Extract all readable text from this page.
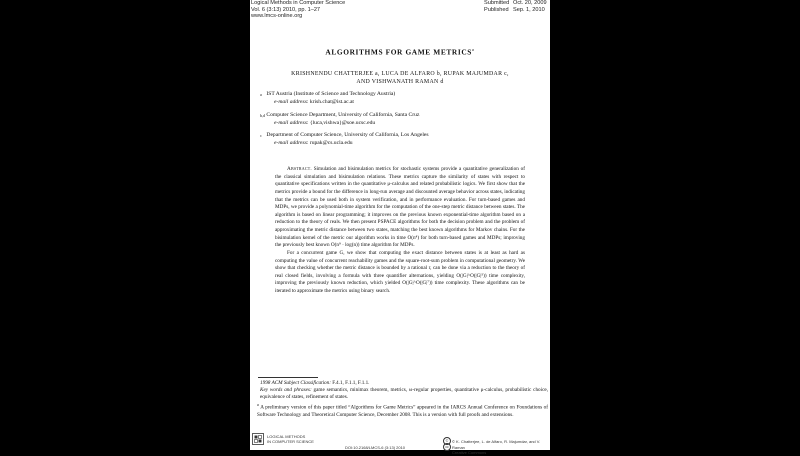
Logical Methods in Computer Science
Vol. 6 (3:13) 2010, pp. 1–27
www.lmcs-online.org
Submitted Oct. 20, 2009
Published Sep. 1, 2010
ALGORITHMS FOR GAME METRICS$^a$
KRISHNENDU CHATTERJEE a, LUCA DE ALFARO b, RUPAK MAJUMDAR c,
AND VISHWANATH RAMAN d
a IST Austria (Institute of Science and Technology Austria)
e-mail address: krish.chat@ist.ac.at
b,d Computer Science Department, University of California, Santa Cruz
e-mail address: {luca,vishwa}@soe.ucsc.edu
c Department of Computer Science, University of California, Los Angeles
e-mail address: rupak@cs.ucla.edu

Abstract. Simulation and bisimulation metrics for stochastic systems provide a quantitative generalization of the classical simulation and bisimulation relations. These metrics capture the similarity of states with respect to quantitative specifications written in the quantitative μ-calculus and related probabilistic logics. We first show that the metrics provide a bound for the difference in long-run average and discounted average behavior across states, indicating that the metrics can be used both in system verification, and in performance evaluation. For turn-based games and MDPs, we provide a polynomial-time algorithm for the computation of the one-step metric distance between states. The algorithm is based on linear programming; it improves on the previous known exponential-time algorithm based on a reduction to the theory of reals. We then present PSPACE algorithms for both the decision problem and the problem of approximating the metric distance between two states, matching the best known algorithms for Markov chains. For the bisimulation kernel of the metric our algorithm works in time O(n⁴) for both turn-based games and MDPs; improving the previously best known O(n⁹ · log(n)) time algorithm for MDPs.

For a concurrent game G, we show that computing the exact distance between states is at least as hard as computing the value of concurrent reachability games and the square-root-sum problem in computational geometry. We show that checking whether the metric distance is bounded by a rational r, can be done via a reduction to the theory of real closed fields, involving a formula with three quantifier alternations, yielding O(|G|^O(|G|⁵)) time complexity, improving the previously known reduction, which yielded O(|G|^O(|G|⁷)) time complexity. These algorithms can be iterated to approximate the metrics using binary search.

1998 ACM Subject Classification: F.4.1, F.1.1, F.1.1.

Key words and phrases: game semantics, minimax theorem, metrics, ω-regular properties, quantitative μ-calculus, probabilistic choice, equivalence of states, refinement of states.

$^a$ A preliminary version of this paper titled “Algorithms for Game Metrics” appeared in the IARCS Annual Conference on Foundations of Software Technology and Theoretical Computer Science, December 2008. This is a version with full proofs and extensions.

LOGICAL METHODS
IN COMPUTER SCIENCE
DOI:10.2168/LMCS-6 (3:13) 2010
©
cc
© K. Chatterjee, L. de Alfaro, R. Majumdar, and V. Raman
Creative Commons
